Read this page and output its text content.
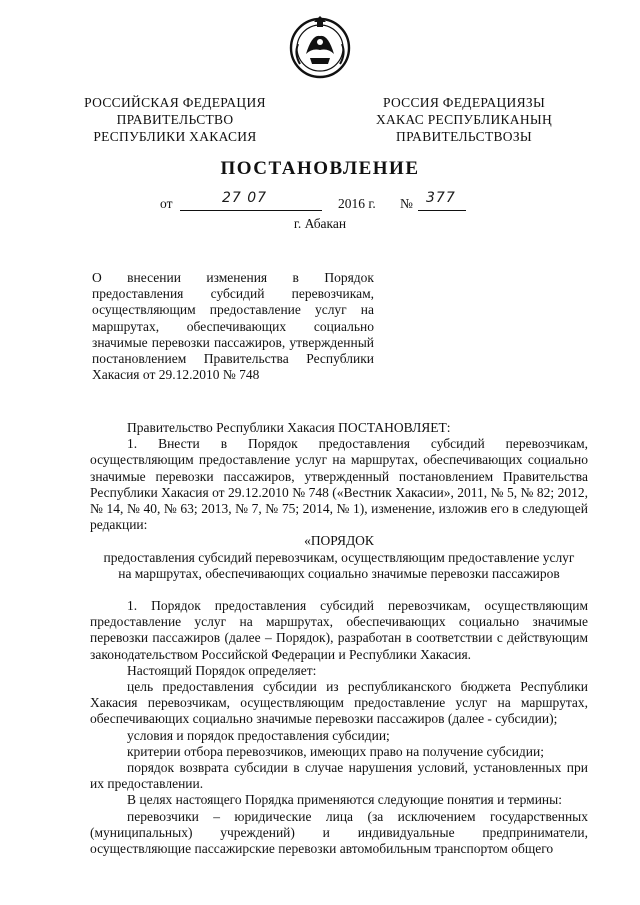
РОССИЙСКАЯ ФЕДЕРАЦИЯ
ПРАВИТЕЛЬСТВО
РЕСПУБЛИКИ ХАКАСИЯ
РОССИЯ ФЕДЕРАЦИЯЗЫ
ХАКАС РЕСПУБЛИКАНЫҢ
ПРАВИТЕЛЬСТВОЗЫ
ПОСТАНОВЛЕНИЕ
от	27 07	2016 г. № 377
г. Абакан

О внесении изменения в Порядок предоставления субсидий перевозчикам, осуществляющим предоставление услуг на маршрутах, обеспечивающих социально значимые перевозки пассажиров, утвержденный постановлением Правительства Республики Хакасия от 29.12.2010 № 748

Правительство Республики Хакасия ПОСТАНОВЛЯЕТ:

1. Внести в Порядок предоставления субсидий перевозчикам, осуществляющим предоставление услуг на маршрутах, обеспечивающих социально значимые перевозки пассажиров, утвержденный постановлением Правительства Республики Хакасия от 29.12.2010 № 748 («Вестник Хакасии», 2011, № 5, № 82; 2012, № 14, № 40, № 63; 2013, № 7, № 75; 2014, № 1), изменение, изложив его в следующей редакции:

«ПОРЯДОК

предоставления субсидий перевозчикам, осуществляющим предоставление услуг на маршрутах, обеспечивающих социально значимые перевозки пассажиров

1. Порядок предоставления субсидий перевозчикам, осуществляющим предоставление услуг на маршрутах, обеспечивающих социально значимые перевозки пассажиров (далее – Порядок), разработан в соответствии с действующим законодательством Российской Федерации и Республики Хакасия.

Настоящий Порядок определяет:

цель предоставления субсидии из республиканского бюджета Республики Хакасия перевозчикам, осуществляющим предоставление услуг на маршрутах, обеспечивающих социально значимые перевозки пассажиров (далее - субсидии);

условия и порядок предоставления субсидии;

критерии отбора перевозчиков, имеющих право на получение субсидии;

порядок возврата субсидии в случае нарушения условий, установленных при их предоставлении.

В целях настоящего Порядка применяются следующие понятия и термины:

перевозчики – юридические лица (за исключением государственных (муниципальных) учреждений) и индивидуальные предприниматели, осуществляющие пассажирские перевозки автомобильным транспортом общего
